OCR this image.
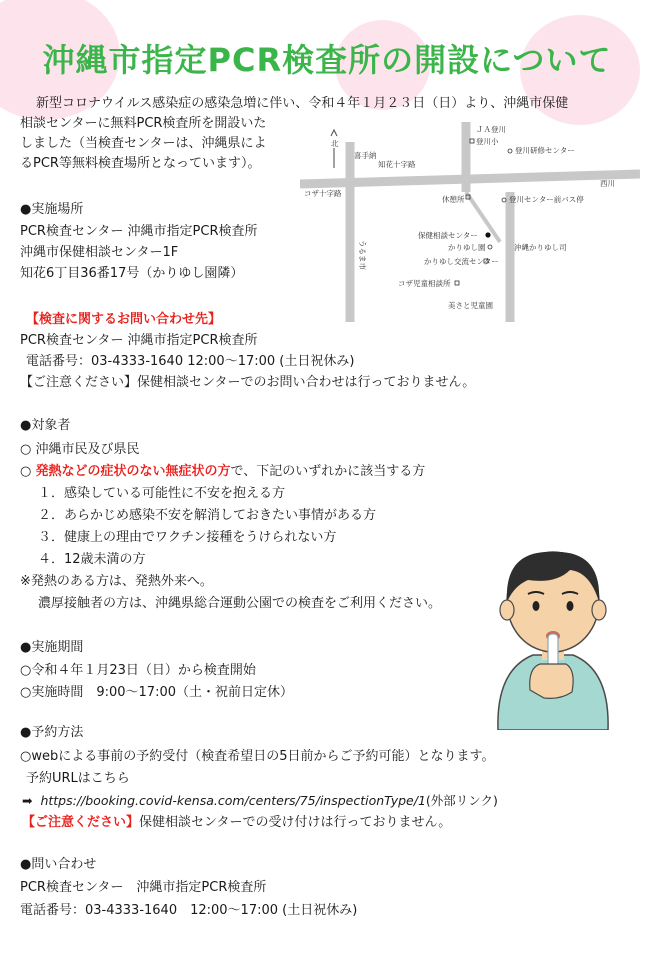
沖縄市指定PCR検査所の開設について
新型コロナウイルス感染症の感染急増に伴い、令和４年１月２３日（日）より、沖縄市保健
相談センターに無料PCR検査所を開設いた
しました（当検査センターは、沖縄県によ
るPCR等無料検査場所となっています）。
北
ＪＡ登川
登川小
登川研修センター
喜手納
知花十字路
コザ十字路
西川
休憩所	登川センター前バス停
うるま市
保健相談センター
かりゆし園	沖縄かりゆし司
かりゆし交流センター
コザ児童相談所
美さと児童園
●実施場所
PCR検査センター 沖縄市指定PCR検査所
沖縄市保健相談センター1F
知花6丁目36番17号（かりゆし園隣）
【検査に関するお問い合わせ先】
PCR検査センター 沖縄市指定PCR検査所
電話番号：03-4333-1640 12:00～17:00 (土日祝休み)
【ご注意ください】保健相談センターでのお問い合わせは行っておりません。
●対象者
○ 沖縄市民及び県民
○ 発熱などの症状のない無症状の方で、下記のいずれかに該当する方
１．感染している可能性に不安を抱える方
２．あらかじめ感染不安を解消しておきたい事情がある方
３．健康上の理由でワクチン接種をうけられない方
４．12歳未満の方
※発熱のある方は、発熱外来へ。
濃厚接触者の方は、沖縄県総合運動公園での検査をご利用ください。
●実施期間
○令和４年１月23日（日）から検査開始
○実施時間　9:00～17:00（土・祝前日定休）
●予約方法
○webによる事前の予約受付（検査希望日の5日前からご予約可能）となります。
予約URLはこちら
➡ https://booking.covid-kensa.com/centers/75/inspectionType/1(外部リンク)
【ご注意ください】保健相談センターでの受け付けは行っておりません。
●問い合わせ
PCR検査センター　沖縄市指定PCR検査所
電話番号：03-4333-1640　12:00～17:00 (土日祝休み)
